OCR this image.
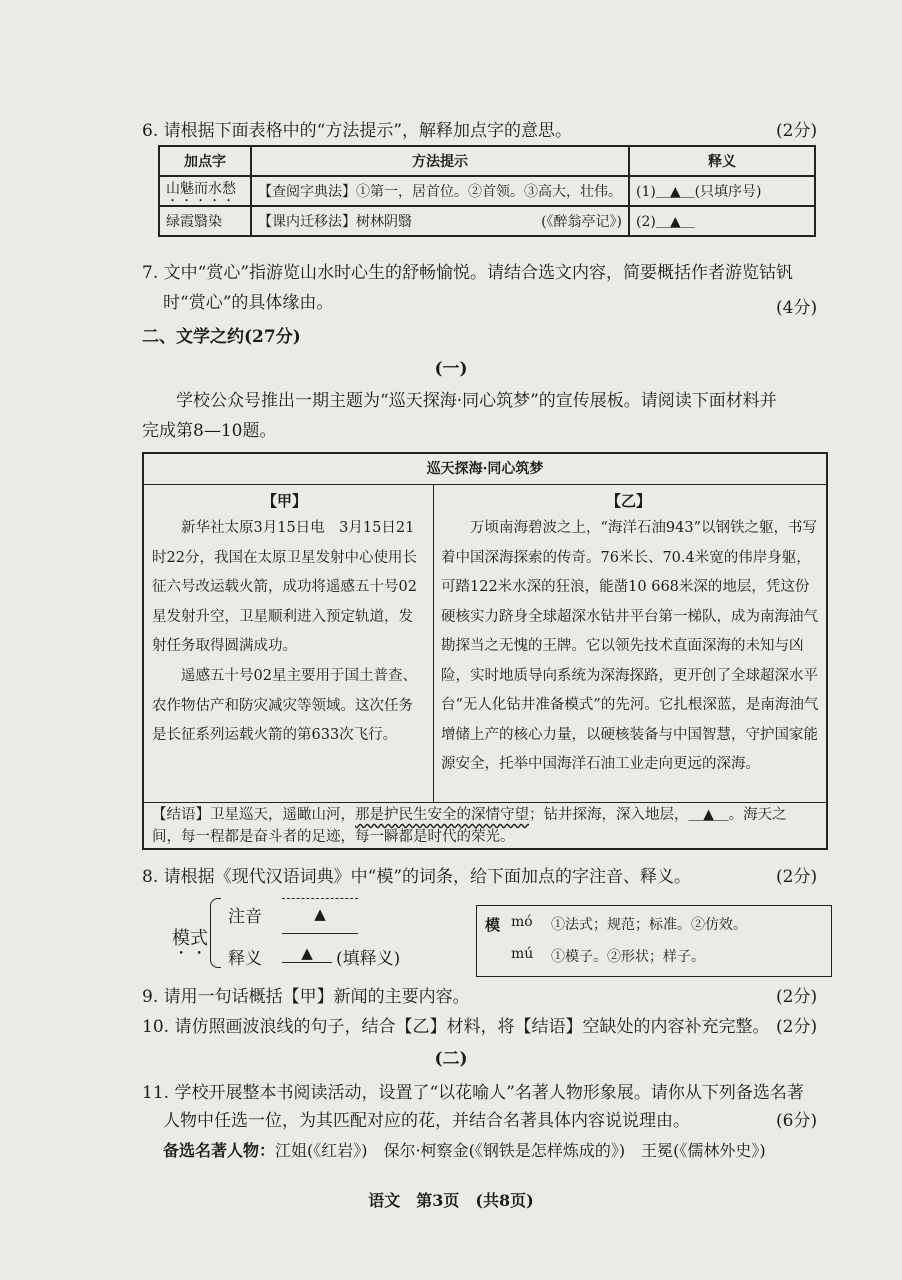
6. 请根据下面表格中的“方法提示”，解释加点字的意思。	(2分)
加点字	方法提示	释义
山魅而水愁	【查阅字典法】①第一，居首位。②首领。③高大，壮伟。	(1)＿▲＿(只填序号)
绿霞翳染	【课内迁移法】树林阴翳 (《醉翁亭记》)	(2)＿▲＿
7. 文中“赏心”指游览山水时心生的舒畅愉悦。请结合选文内容，简要概括作者游览钴钒
时“赏心”的具体缘由。	(4分)
二、文学之约(27分)
(一)
学校公众号推出一期主题为“巡天探海·同心筑梦”的宣传展板。请阅读下面材料并
完成第8—10题。
巡天探海·同心筑梦
【甲】
新华社太原3月15日电　3月15日21时22分，我国在太原卫星发射中心使用长征六号改运载火箭，成功将遥感五十号02星发射升空，卫星顺利进入预定轨道，发射任务取得圆满成功。
遥感五十号02星主要用于国土普查、农作物估产和防灾减灾等领域。这次任务是长征系列运载火箭的第633次飞行。
【乙】
万顷南海碧波之上，“海洋石油943”以钢铁之躯，书写着中国深海探索的传奇。76米长、70.4米宽的伟岸身躯，可踏122米水深的狂浪，能凿10 668米深的地层，凭这份硬核实力跻身全球超深水钻井平台第一梯队，成为南海油气勘探当之无愧的王牌。它以领先技术直面深海的未知与凶险，实时地质导向系统为深海探路，更开创了全球超深水平台“无人化钻井准备模式”的先河。它扎根深蓝，是南海油气增储上产的核心力量，以硬核装备与中国智慧，守护国家能源安全，托举中国海洋石油工业走向更远的深海。
【结语】卫星巡天，遥瞰山河，那是护民生安全的深情守望；钻井探海，深入地层，＿▲＿。海天之
间，每一程都是奋斗者的足迹，每一瞬都是时代的荣光。
8. 请根据《现代汉语词典》中“模”的词条，给下面加点的字注音、释义。	(2分)
模式
注音	▲
释义	▲	(填释义)
模 mó ①法式；规范；标准。②仿效。
mú ①模子。②形状；样子。
9. 请用一句话概括【甲】新闻的主要内容。	(2分)
10. 请仿照画波浪线的句子，结合【乙】材料，将【结语】空缺处的内容补充完整。 (2分)
(二)
11. 学校开展整本书阅读活动，设置了“以花喻人”名著人物形象展。请你从下列备选名著
人物中任选一位，为其匹配对应的花，并结合名著具体内容说说理由。	(6分)
备选名著人物：江姐(《红岩》)　保尔·柯察金(《钢铁是怎样炼成的》)　王冕(《儒林外史》)
语文　第3页　(共8页)
